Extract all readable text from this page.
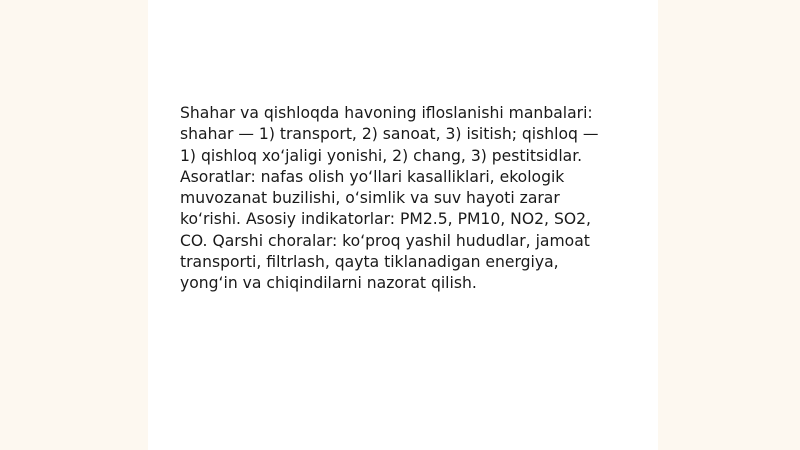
Shahar va qishloqda havoning ifloslanishi manbalari:
shahar — 1) transport, 2) sanoat, 3) isitish; qishloq —
1) qishloq xo‘jaligi yonishi, 2) chang, 3) pestitsidlar.
Asoratlar: nafas olish yo‘llari kasalliklari, ekologik
muvozanat buzilishi, o‘simlik va suv hayoti zarar
ko‘rishi. Asosiy indikatorlar: PM2.5, PM10, NO2, SO2,
CO. Qarshi choralar: ko‘proq yashil hududlar, jamoat
transporti, filtrlash, qayta tiklanadigan energiya,
yong‘in va chiqindilarni nazorat qilish.
